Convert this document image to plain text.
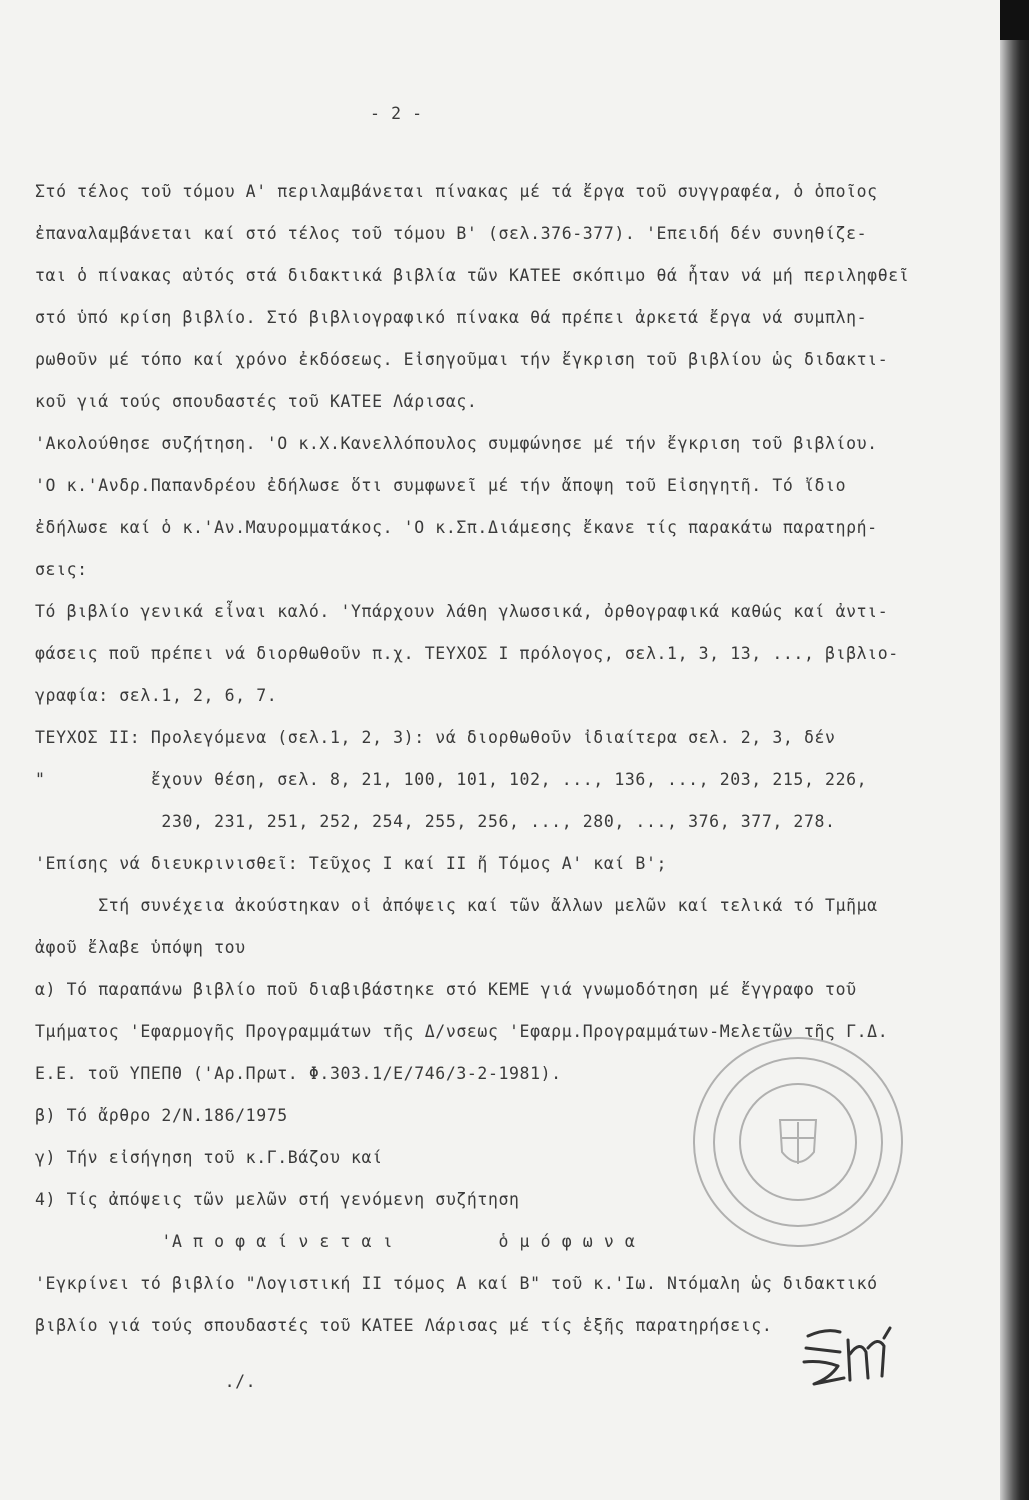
- 2 -
Στό τέλος τοῦ τόμου Α' περιλαμβάνεται πίνακας μέ τά ἔργα τοῦ συγγραφέα, ὁ ὁποῖος
ἐπαναλαμβάνεται καί στό τέλος τοῦ τόμου Β' (σελ.376-377). 'Επειδή δέν συνηθίζε-
ται ὁ πίνακας αὐτός στά διδακτικά βιβλία τῶν ΚΑΤΕΕ σκόπιμο θά ἦταν νά μή περιληφθεῖ
στό ὑπό κρίση βιβλίο. Στό βιβλιογραφικό πίνακα θά πρέπει ἀρκετά ἔργα νά συμπλη-
ρωθοῦν μέ τόπο καί χρόνο ἐκδόσεως. Εἰσηγοῦμαι τήν ἔγκριση τοῦ βιβλίου ὡς διδακτι-
κοῦ γιά τούς σπουδαστές τοῦ ΚΑΤΕΕ Λάρισας.
'Ακολούθησε συζήτηση. 'Ο κ.Χ.Κανελλόπουλος συμφώνησε μέ τήν ἔγκριση τοῦ βιβλίου.
'Ο κ.'Ανδρ.Παπανδρέου ἐδήλωσε ὅτι συμφωνεῖ μέ τήν ἄποψη τοῦ Εἰσηγητῆ. Τό ἴδιο
ἐδήλωσε καί ὁ κ.'Αν.Μαυρομματάκος. 'Ο κ.Σπ.Διάμεσης ἔκανε τίς παρακάτω παρατηρή-
σεις:
Τό βιβλίο γενικά εἶναι καλό. 'Υπάρχουν λάθη γλωσσικά, ὀρθογραφικά καθώς καί ἀντι-
φάσεις ποῦ πρέπει νά διορθωθοῦν π.χ. ΤΕΥΧΟΣ Ι πρόλογος, σελ.1, 3, 13, ..., βιβλιο-
γραφία: σελ.1, 2, 6, 7.
ΤΕΥΧΟΣ ΙΙ: Προλεγόμενα (σελ.1, 2, 3): νά διορθωθοῦν ἰδιαίτερα σελ. 2, 3, δέν
"          ἔχουν θέση, σελ. 8, 21, 100, 101, 102, ..., 136, ..., 203, 215, 226,
230, 231, 251, 252, 254, 255, 256, ..., 280, ..., 376, 377, 278.
'Επίσης νά διευκρινισθεῖ: Τεῦχος Ι καί ΙΙ ἤ Τόμος Α' καί Β';
Στή συνέχεια ἀκούστηκαν οἱ ἀπόψεις καί τῶν ἄλλων μελῶν καί τελικά τό Τμῆμα
ἀφοῦ ἔλαβε ὑπόψη του
α) Τό παραπάνω βιβλίο ποῦ διαβιβάστηκε στό ΚΕΜΕ γιά γνωμοδότηση μέ ἔγγραφο τοῦ
Τμήματος 'Εφαρμογῆς Προγραμμάτων τῆς Δ/νσεως 'Εφαρμ.Προγραμμάτων-Μελετῶν τῆς Γ.Δ.
Ε.Ε. τοῦ ΥΠΕΠΘ ('Αρ.Πρωτ. Φ.303.1/Ε/746/3-2-1981).
β) Τό ἄρθρο 2/Ν.186/1975
γ) Τήν εἰσήγηση τοῦ κ.Γ.Βάζου καί
4) Τίς ἀπόψεις τῶν μελῶν στή γενόμενη συζήτηση
'Α π ο φ α ί ν ε τ α ι          ὁ μ ό φ ω ν α
'Εγκρίνει τό βιβλίο "Λογιστική ΙΙ τόμος Α καί Β" τοῦ κ.'Ιω. Ντόμαλη ὡς διδακτικό
βιβλίο γιά τούς σπουδαστές τοῦ ΚΑΤΕΕ Λάρισας μέ τίς ἑξῆς παρατηρήσεις.
./.
